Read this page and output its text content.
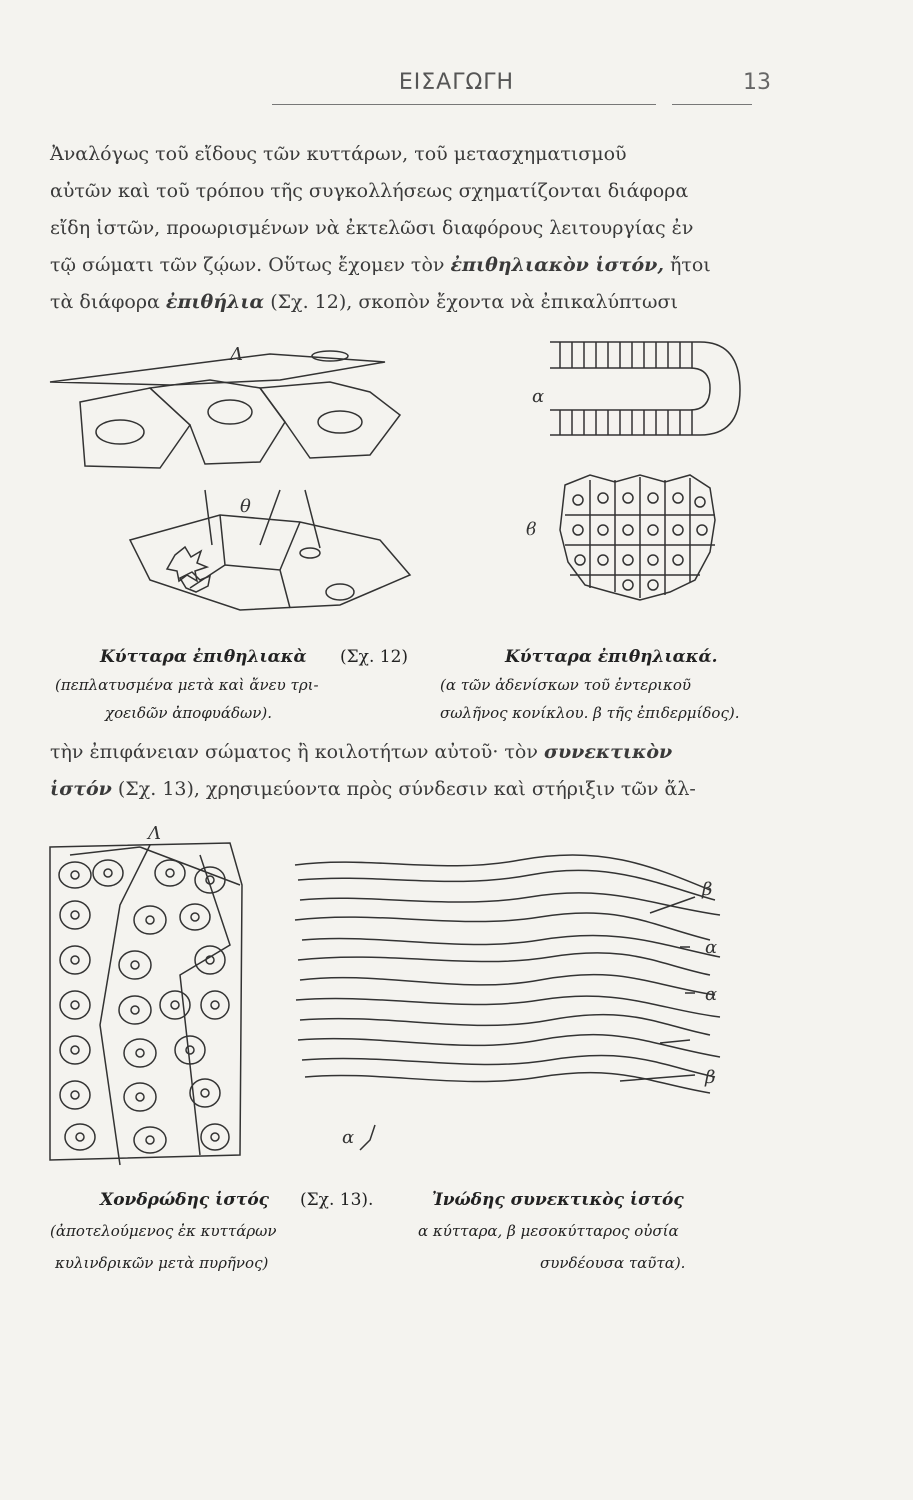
ΕΙΣΑΓΩΓΗ	13
Ἀναλόγως τοῦ εἴδους τῶν κυττάρων, τοῦ μετασχηματισμοῦ
αὐτῶν καὶ τοῦ τρόπου τῆς συγκολλήσεως σχηματίζονται διάφορα
εἴδη ἱστῶν, προωρισμένων νὰ ἐκτελῶσι διαφόρους λειτουργίας ἐν
τῷ σώματι τῶν ζῴων. Οὕτως ἔχομεν τὸν ἐπιθηλιακὸν ἱστόν, ἤτοι
τὰ διάφορα ἐπιθήλια (Σχ. 12), σκοπὸν ἔχοντα νὰ ἐπικαλύπτωσι
Λ
θ
α
ϐ
Κύτταρα ἐπιθηλιακὰ (Σχ. 12)
(πεπλατυσμένα μετὰ καὶ ἄνευ τρι-
χοειδῶν ἀποφυάδων).
Κύτταρα ἐπιθηλιακά.
(α τῶν ἀδενίσκων τοῦ ἐντερικοῦ
σωλῆνος κονίκλου. β τῆς ἐπιδερμίδος).
τὴν ἐπιφάνειαν σώματος ἢ κοιλοτήτων αὐτοῦ· τὸν συνεκτικὸν
ἱστόν (Σχ. 13), χρησιμεύοντα πρὸς σύνδεσιν καὶ στήριξιν τῶν ἄλ-
Λ
β
α
α
β
α
Χονδρώδης ἱστός (Σχ. 13).
(ἀποτελούμενος ἐκ κυττάρων
κυλινδρικῶν μετὰ πυρῆνος)
Ἰνώδης συνεκτικὸς ἱστός
α κύτταρα, β μεσοκύτταρος οὐσία
συνδέουσα ταῦτα).
